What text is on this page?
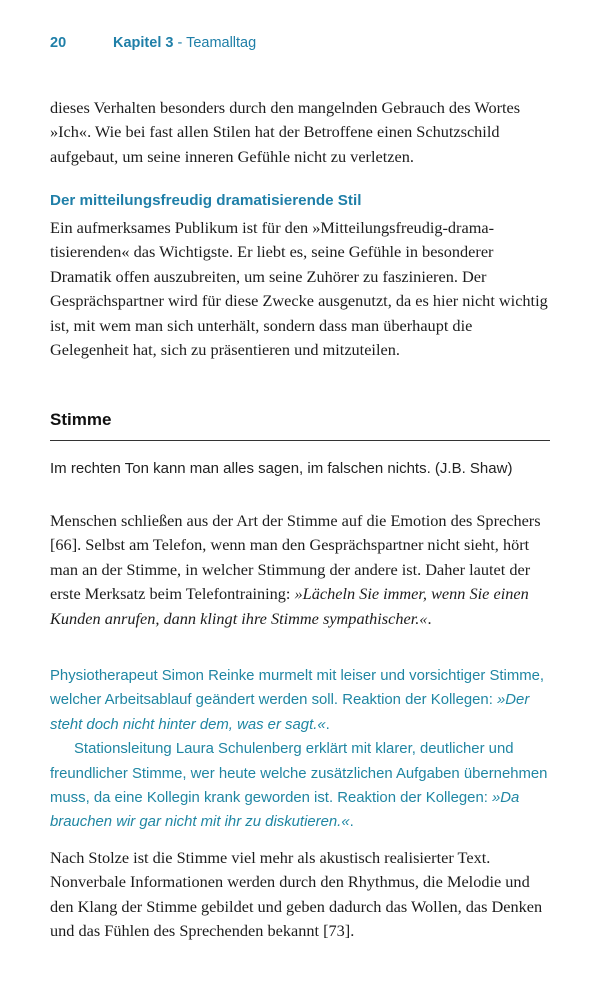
20	Kapitel 3 - Teamalltag

dieses Verhalten besonders durch den mangelnden Gebrauch des Wortes »Ich«. Wie bei fast allen Stilen hat der Betroffene einen Schutzschild aufgebaut, um seine inneren Gefühle nicht zu verletzen.

Der mitteilungsfreudig dramatisierende Stil

Ein aufmerksames Publikum ist für den »Mitteilungsfreudig-dramatisierenden« das Wichtigste. Er liebt es, seine Gefühle in besonderer Dramatik offen auszubreiten, um seine Zuhörer zu faszinieren. Der Gesprächspartner wird für diese Zwecke ausgenutzt, da es hier nicht wichtig ist, mit wem man sich unterhält, sondern dass man überhaupt die Gelegenheit hat, sich zu präsentieren und mitzuteilen.

Stimme
Im rechten Ton kann man alles sagen, im falschen nichts. (J.B. Shaw)

Menschen schließen aus der Art der Stimme auf die Emotion des Sprechers [66]. Selbst am Telefon, wenn man den Gesprächspartner nicht sieht, hört man an der Stimme, in welcher Stimmung der andere ist. Daher lautet der erste Merksatz beim Telefontraining: »Lächeln Sie immer, wenn Sie einen Kunden anrufen, dann klingt ihre Stimme sympathischer.«.

Physiotherapeut Simon Reinke murmelt mit leiser und vorsichtiger Stimme, welcher Arbeitsablauf geändert werden soll. Reaktion der Kollegen: »Der steht doch nicht hinter dem, was er sagt.«.

Stationsleitung Laura Schulenberg erklärt mit klarer, deutlicher und freundlicher Stimme, wer heute welche zusätzlichen Aufgaben übernehmen muss, da eine Kollegin krank geworden ist. Reaktion der Kollegen: »Da brauchen wir gar nicht mit ihr zu diskutieren.«.

Nach Stolze ist die Stimme viel mehr als akustisch realisierter Text. Nonverbale Informationen werden durch den Rhythmus, die Melodie und den Klang der Stimme gebildet und geben dadurch das Wollen, das Denken und das Fühlen des Sprechenden bekannt [73].
